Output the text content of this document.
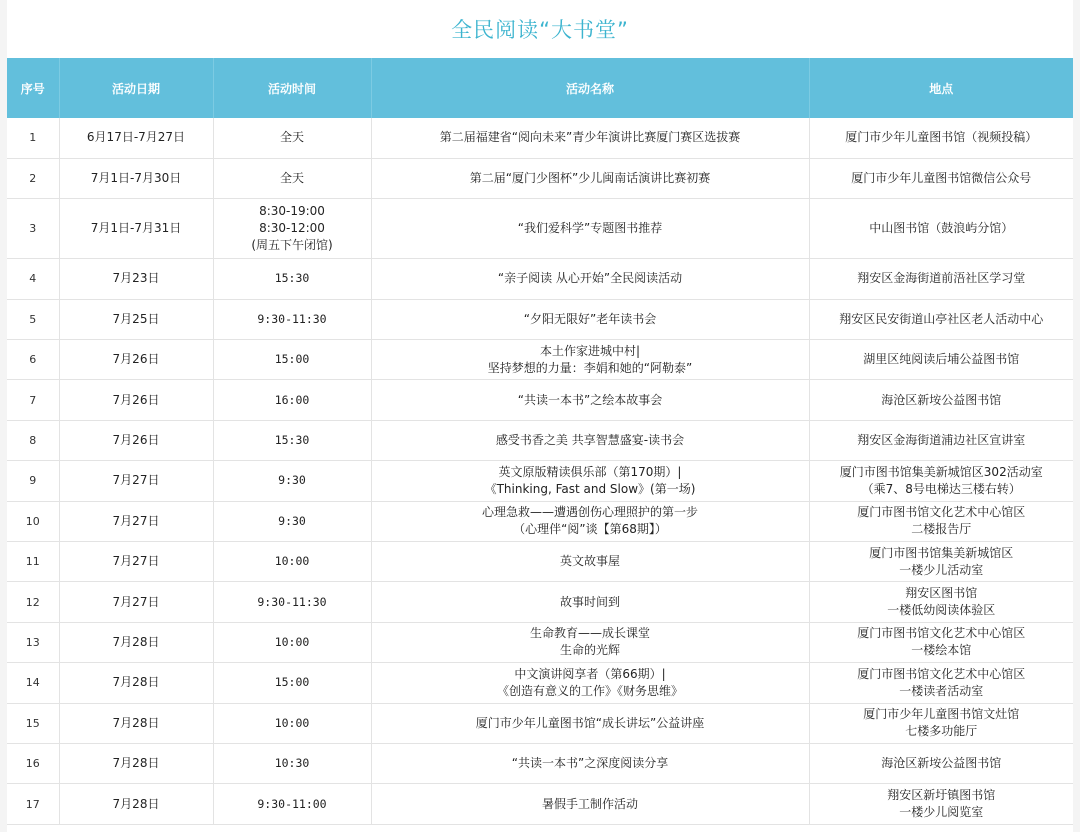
全民阅读“大书堂”
序号	活动日期	活动时间	活动名称	地点
1	6月17日-7月27日	全天	第二届福建省“阅向未来”青少年演讲比赛厦门赛区选拔赛	厦门市少年儿童图书馆（视频投稿）

2	7月1日-7月30日	全天	第二届“厦门少图杯”少儿闽南话演讲比赛初赛	厦门市少年儿童图书馆微信公众号

3	7月1日-7月31日	8:30-19:00
8:30-12:00
(周五下午闭馆)	“我们爱科学”专题图书推荐	中山图书馆（鼓浪屿分馆）

4	7月23日	15:30	“亲子阅读 从心开始”全民阅读活动	翔安区金海街道前浯社区学习堂

5	7月25日	9:30-11:30	“夕阳无限好”老年读书会	翔安区民安街道山亭社区老人活动中心

6	7月26日	15:00	本土作家进城中村|
坚持梦想的力量：李娟和她的“阿勒泰”	湖里区纯阅读后埔公益图书馆

7	7月26日	16:00	“共读一本书”之绘本故事会	海沧区新垵公益图书馆

8	7月26日	15:30	感受书香之美 共享智慧盛宴-读书会	翔安区金海街道浦边社区宣讲室

9	7月27日	9:30	英文原版精读俱乐部（第170期）|
《Thinking, Fast and Slow》(第一场)	厦门市图书馆集美新城馆区302活动室
（乘7、8号电梯达三楼右转）

10	7月27日	9:30	心理急救——遭遇创伤心理照护的第一步
（心理伴“阅”谈【第68期】）	厦门市图书馆文化艺术中心馆区
二楼报告厅

11	7月27日	10:00	英文故事屋	厦门市图书馆集美新城馆区
一楼少儿活动室

12	7月27日	9:30-11:30	故事时间到	翔安区图书馆
一楼低幼阅读体验区

13	7月28日	10:00	生命教育——成长课堂
生命的光辉	厦门市图书馆文化艺术中心馆区
一楼绘本馆

14	7月28日	15:00	中文演讲阅享者（第66期）|
《创造有意义的工作》《财务思维》	厦门市图书馆文化艺术中心馆区
一楼读者活动室

15	7月28日	10:00	厦门市少年儿童图书馆“成长讲坛”公益讲座	厦门市少年儿童图书馆文灶馆
七楼多功能厅

16	7月28日	10:30	“共读一本书”之深度阅读分享	海沧区新垵公益图书馆

17	7月28日	9:30-11:00	暑假手工制作活动	翔安区新圩镇图书馆
一楼少儿阅览室
